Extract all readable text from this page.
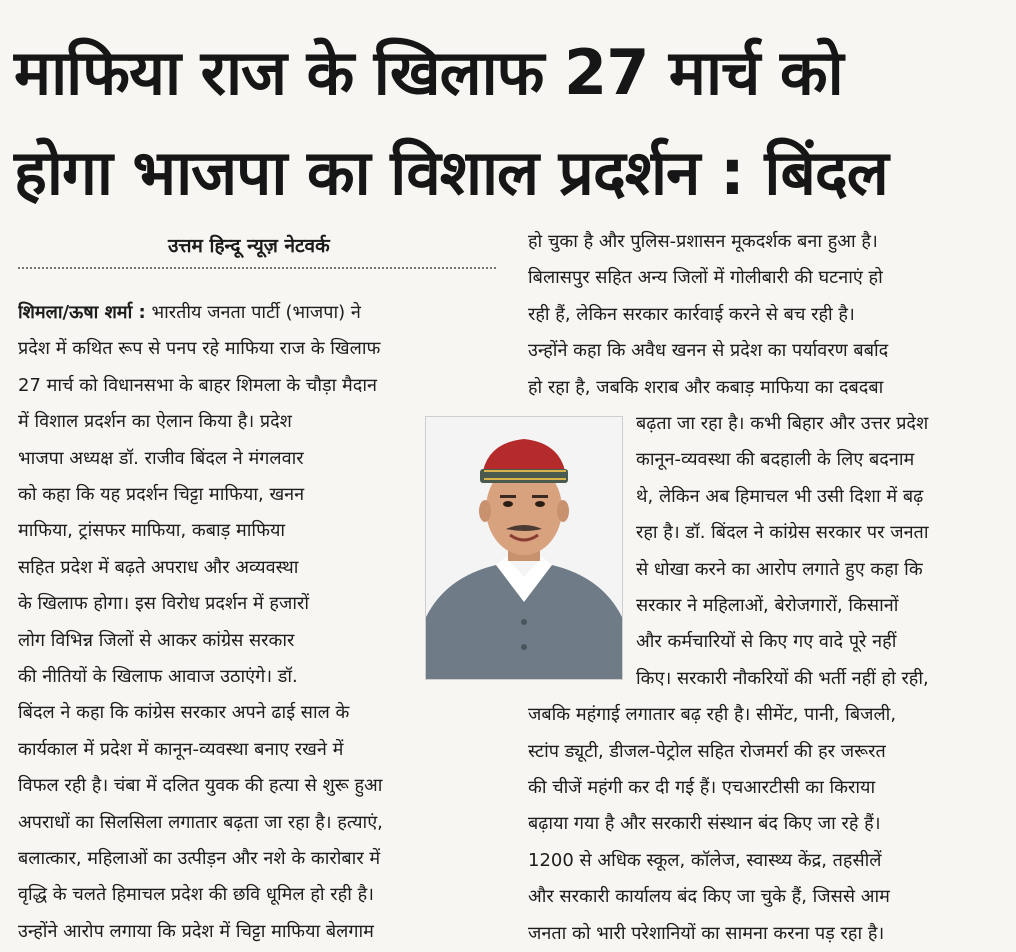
माफिया राज के खिलाफ 27 मार्च को
होगा भाजपा का विशाल प्रदर्शन : बिंदल
उत्तम हिन्दू न्यूज़ नेटवर्क
शिमला/ऊषा शर्मा : भारतीय जनता पार्टी (भाजपा) ने
प्रदेश में कथित रूप से पनप रहे माफिया राज के खिलाफ
27 मार्च को विधानसभा के बाहर शिमला के चौड़ा मैदान
में विशाल प्रदर्शन का ऐलान किया है। प्रदेश
भाजपा अध्यक्ष डॉ. राजीव बिंदल ने मंगलवार
को कहा कि यह प्रदर्शन चिट्टा माफिया, खनन
माफिया, ट्रांसफर माफिया, कबाड़ माफिया
सहित प्रदेश में बढ़ते अपराध और अव्यवस्था
के खिलाफ होगा। इस विरोध प्रदर्शन में हजारों
लोग विभिन्न जिलों से आकर कांग्रेस सरकार
की नीतियों के खिलाफ आवाज उठाएंगे। डॉ.
बिंदल ने कहा कि कांग्रेस सरकार अपने ढाई साल के
कार्यकाल में प्रदेश में कानून-व्यवस्था बनाए रखने में
विफल रही है। चंबा में दलित युवक की हत्या से शुरू हुआ
अपराधों का सिलसिला लगातार बढ़ता जा रहा है। हत्याएं,
बलात्कार, महिलाओं का उत्पीड़न और नशे के कारोबार में
वृद्धि के चलते हिमाचल प्रदेश की छवि धूमिल हो रही है।
उन्होंने आरोप लगाया कि प्रदेश में चिट्टा माफिया बेलगाम
हो चुका है और पुलिस-प्रशासन मूकदर्शक बना हुआ है।
बिलासपुर सहित अन्य जिलों में गोलीबारी की घटनाएं हो
रही हैं, लेकिन सरकार कार्रवाई करने से बच रही है।
उन्होंने कहा कि अवैध खनन से प्रदेश का पर्यावरण बर्बाद
हो रहा है, जबकि शराब और कबाड़ माफिया का दबदबा
बढ़ता जा रहा है। कभी बिहार और उत्तर प्रदेश
कानून-व्यवस्था की बदहाली के लिए बदनाम
थे, लेकिन अब हिमाचल भी उसी दिशा में बढ़
रहा है। डॉ. बिंदल ने कांग्रेस सरकार पर जनता
से धोखा करने का आरोप लगाते हुए कहा कि
सरकार ने महिलाओं, बेरोजगारों, किसानों
और कर्मचारियों से किए गए वादे पूरे नहीं
किए। सरकारी नौकरियों की भर्ती नहीं हो रही,
जबकि महंगाई लगातार बढ़ रही है। सीमेंट, पानी, बिजली,
स्टांप ड्यूटी, डीजल-पेट्रोल सहित रोजमर्रा की हर जरूरत
की चीजें महंगी कर दी गई हैं। एचआरटीसी का किराया
बढ़ाया गया है और सरकारी संस्थान बंद किए जा रहे हैं।
1200 से अधिक स्कूल, कॉलेज, स्वास्थ्य केंद्र, तहसीलें
और सरकारी कार्यालय बंद किए जा चुके हैं, जिससे आम
जनता को भारी परेशानियों का सामना करना पड़ रहा है।
